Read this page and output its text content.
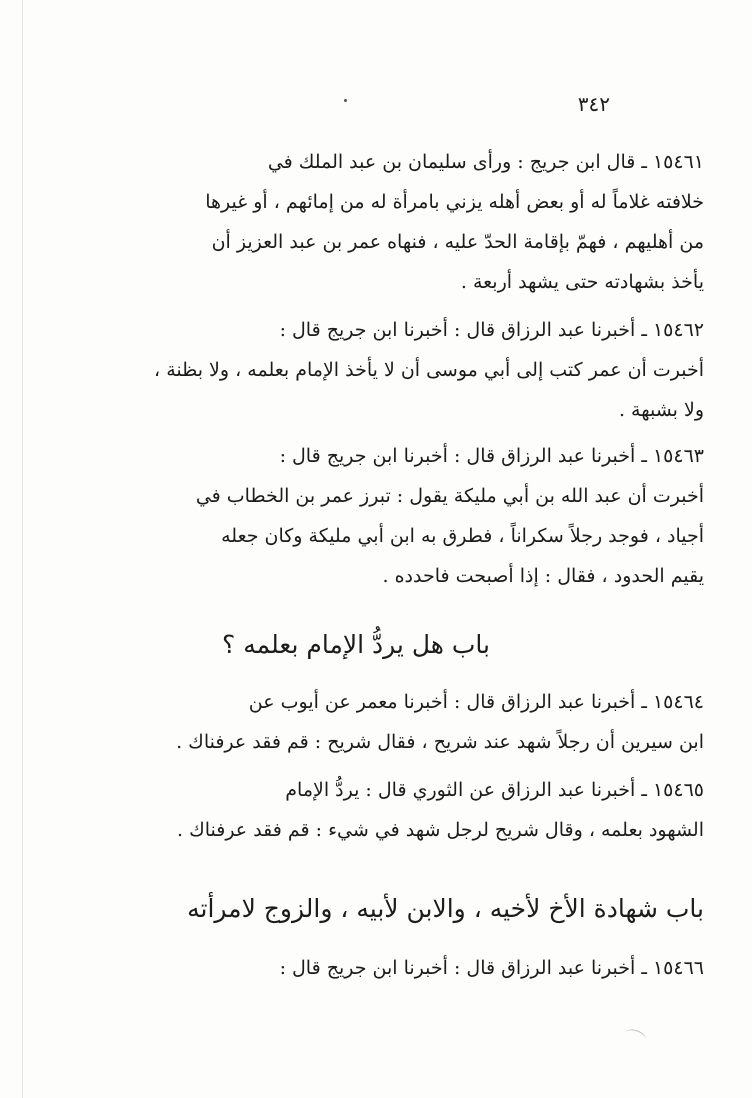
٣٤٢
١٥٤٦١ ـ قال ابن جريج : ورأى سليمان بن عبد الملك في
خلافته غلاماً له أو بعض أهله يزني بامرأة له من إمائهم ، أو غيرها
من أهليهم ، فهمّ بإقامة الحدّ عليه ، فنهاه عمر بن عبد العزيز أن
يأخذ بشهادته حتى يشهد أربعة .
١٥٤٦٢ ـ أخبرنا عبد الرزاق قال : أخبرنا ابن جريج قال :
أخبرت أن عمر كتب إلى أبي موسى أن لا يأخذ الإمام بعلمه ، ولا بظنة ،
ولا بشبهة .
١٥٤٦٣ ـ أخبرنا عبد الرزاق قال : أخبرنا ابن جريج قال :
أخبرت أن عبد الله بن أبي مليكة يقول : تبرز عمر بن الخطاب في
أجياد ، فوجد رجلاً سكراناً ، فطرق به ابن أبي مليكة وكان جعله
يقيم الحدود ، فقال : إذا أصبحت فاحدده .
باب هل يردُّ الإمام بعلمه ؟
١٥٤٦٤ ـ أخبرنا عبد الرزاق قال : أخبرنا معمر عن أيوب عن
ابن سيرين أن رجلاً شهد عند شريح ، فقال شريح : قم فقد عرفناك .
١٥٤٦٥ ـ أخبرنا عبد الرزاق عن الثوري قال : يردُّ الإمام
الشهود بعلمه ، وقال شريح لرجل شهد في شيء : قم فقد عرفناك .
باب شهادة الأخ لأخيه ، والابن لأبيه ، والزوج لامرأته
١٥٤٦٦ ـ أخبرنا عبد الرزاق قال : أخبرنا ابن جريج قال :
